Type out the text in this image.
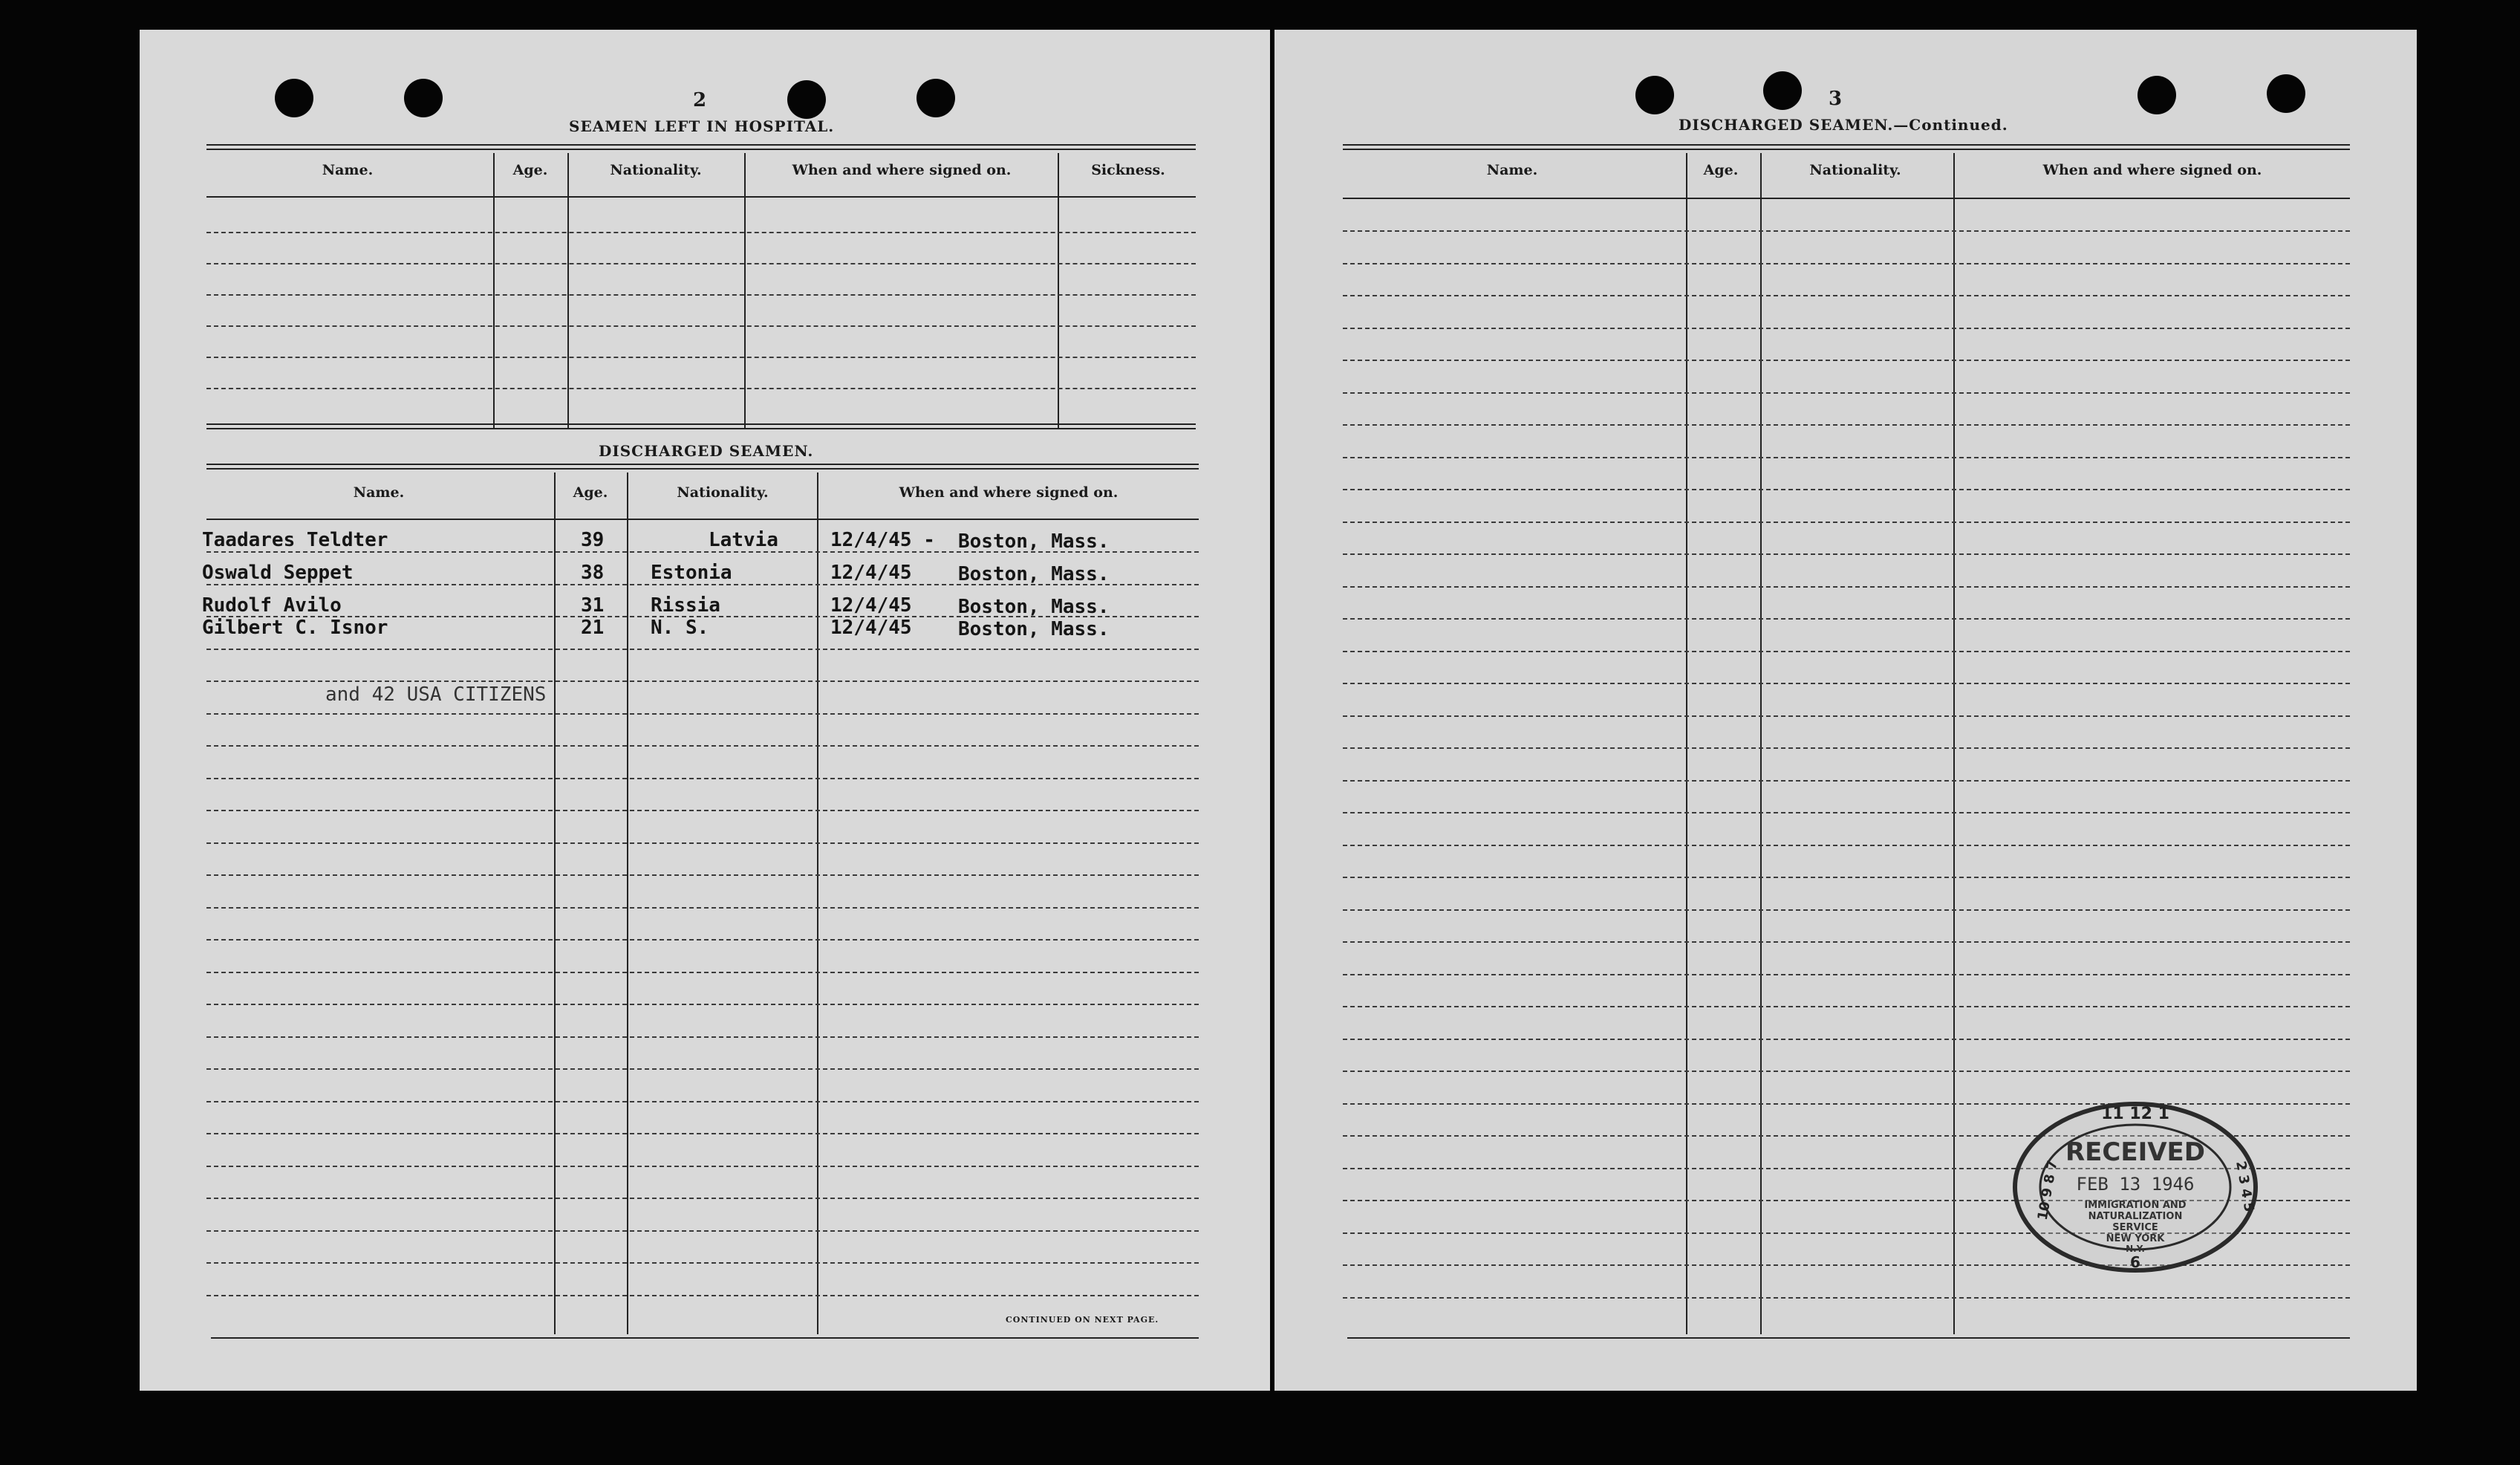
2
SEAMEN LEFT IN HOSPITAL.
Name.	Age.	Nationality.	When and where signed on.	Sickness.
DISCHARGED SEAMEN.
Name.	Age.	Nationality.	When and where signed on.
Taadares Teldter	39	Latvia	12/4/45 - Boston, Mass.
Oswald Seppet	38 Estonia	12/4/45 Boston, Mass.
Rudolf Avilo	31 Rissia	12/4/45 Boston, Mass.
Gilbert C. Isnor	21 N. S.	12/4/45 Boston, Mass.
and 42 USA CITIZENS
CONTINUED ON NEXT PAGE.
3
DISCHARGED SEAMEN.—Continued.
Name.	Age.	Nationality.	When and where signed on.
11 12 1
10 9 8 7	2 3 4 5
6
RECEIVED
FEB 13 1946
IMMIGRATION AND
NATURALIZATION
SERVICE
NEW YORK
N.Y.
